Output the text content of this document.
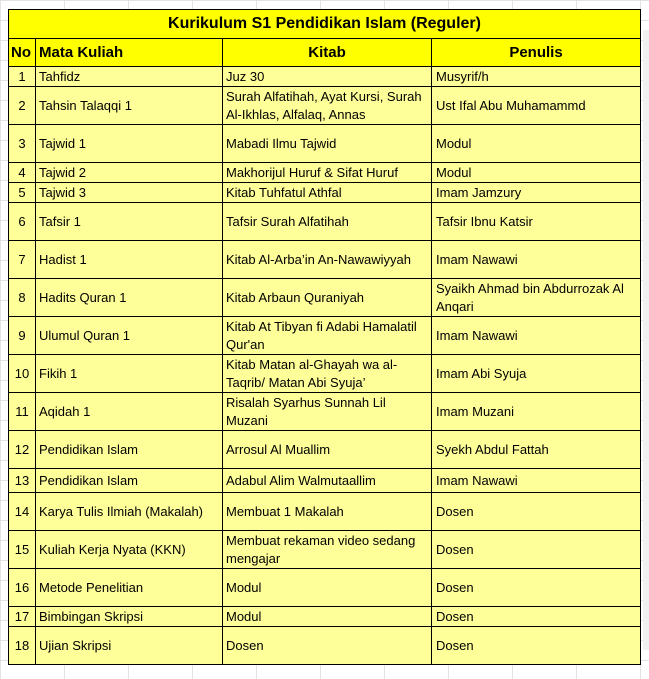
Kurikulum S1 Pendidikan Islam (Reguler)			
No	Mata Kuliah	Kitab	Penulis
1	Tahfidz	Juz 30	Musyrif/h
2	Tahsin Talaqqi 1	Surah Alfatihah, Ayat Kursi, Surah Al-Ikhlas, Alfalaq, Annas	Ust Ifal Abu Muhamammd
3	Tajwid 1	Mabadi Ilmu Tajwid	Modul
4	Tajwid 2	Makhorijul Huruf & Sifat Huruf	Modul
5	Tajwid 3	Kitab Tuhfatul Athfal	Imam Jamzury
6	Tafsir 1	Tafsir Surah Alfatihah	Tafsir Ibnu Katsir
7	Hadist 1	Kitab Al-Arba’in An-Nawawiyyah	Imam Nawawi
8	Hadits Quran 1	Kitab Arbaun Quraniyah	Syaikh Ahmad bin Abdurrozak Al Anqari
9	Ulumul Quran 1	Kitab At Tibyan fi Adabi Hamalatil Qur'an	Imam Nawawi
10	Fikih 1	Kitab Matan al-Ghayah wa al-Taqrib/ Matan Abi Syuja’	Imam Abi Syuja
11	Aqidah 1	Risalah Syarhus Sunnah Lil Muzani	Imam Muzani
12	Pendidikan Islam	Arrosul Al Muallim	Syekh Abdul Fattah
13	Pendidikan Islam	Adabul Alim Walmutaallim	Imam Nawawi
14	Karya Tulis Ilmiah (Makalah)	Membuat 1 Makalah	Dosen
15	Kuliah Kerja Nyata (KKN)	Membuat rekaman video sedang mengajar	Dosen
16	Metode Penelitian	Modul	Dosen
17	Bimbingan Skripsi	Modul	Dosen
18	Ujian Skripsi	Dosen	Dosen
